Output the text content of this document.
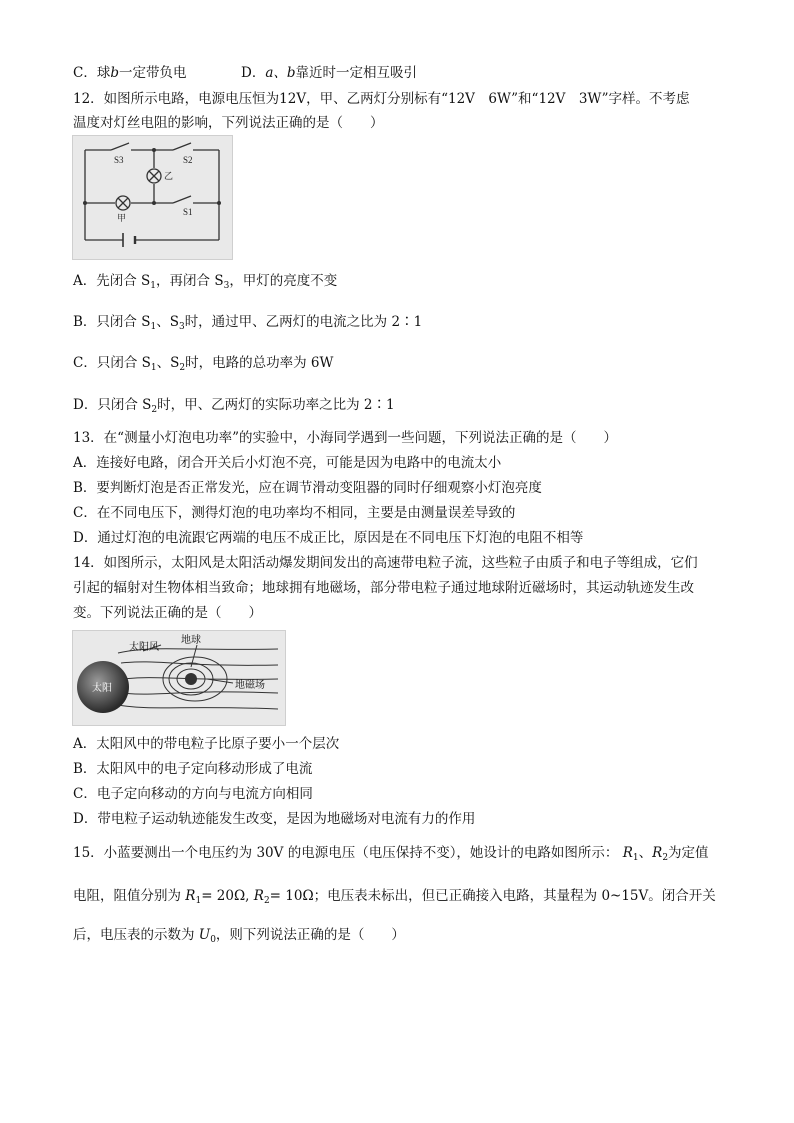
C．球b一定带负电	D．a、b靠近时一定相互吸引
12．如图所示电路，电源电压恒为12V，甲、乙两灯分别标有“12V　6W”和“12V　3W”字样。不考虑
温度对灯丝电阻的影响，下列说法正确的是（　　）
S3	S2
S1
乙
甲
A．先闭合 $S_1$，再闭合 $S_3$，甲灯的亮度不变
B．只闭合 $S_1$、$S_3$时，通过甲、乙两灯的电流之比为 2∶1
C．只闭合 $S_1$、$S_2$时，电路的总功率为 6W
D．只闭合 $S_2$时，甲、乙两灯的实际功率之比为 2∶1
13．在“测量小灯泡电功率”的实验中，小海同学遇到一些问题，下列说法正确的是（　　）
A．连接好电路，闭合开关后小灯泡不亮，可能是因为电路中的电流太小
B．要判断灯泡是否正常发光，应在调节滑动变阻器的同时仔细观察小灯泡亮度
C．在不同电压下，测得灯泡的电功率均不相同，主要是由测量误差导致的
D．通过灯泡的电流跟它两端的电压不成正比，原因是在不同电压下灯泡的电阻不相等
14．如图所示，太阳风是太阳活动爆发期间发出的高速带电粒子流，这些粒子由质子和电子等组成，它们
引起的辐射对生物体相当致命；地球拥有地磁场，部分带电粒子通过地球附近磁场时，其运动轨迹发生改
变。下列说法正确的是（　　）
太阳
太阳风
地球
地磁场
A．太阳风中的带电粒子比原子要小一个层次
B．太阳风中的电子定向移动形成了电流
C．电子定向移动的方向与电流方向相同
D．带电粒子运动轨迹能发生改变，是因为地磁场对电流有力的作用
15．小蓝要测出一个电压约为 30V 的电源电压（电压保持不变），她设计的电路如图所示： $R_1$、$R_2$为定值
电阻，阻值分别为 $R_1= 20\Omega$, $R_2= 10\Omega$；电压表未标出，但已正确接入电路，其量程为 0~15V。闭合开关
后，电压表的示数为 $U_0$，则下列说法正确的是（　　）
